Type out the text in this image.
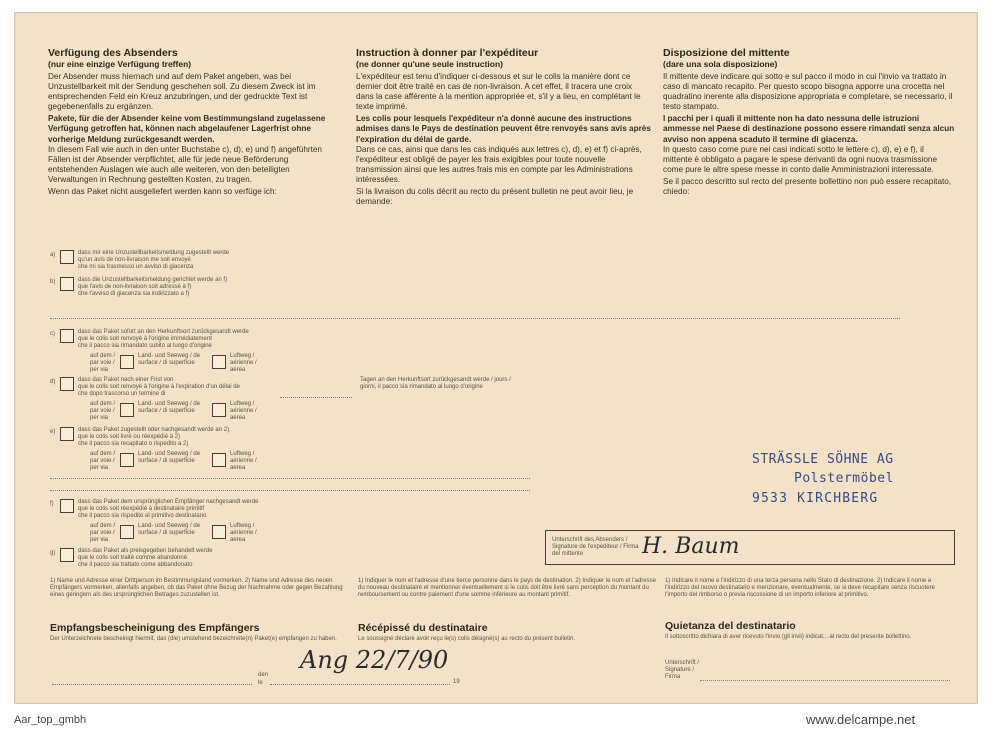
Verfügung des Absenders
(nur eine einzige Verfügung treffen)

Der Absender muss hiernach und auf dem Paket angeben, was bei Unzustellbarkeit mit der Sendung geschehen soll. Zu diesem Zweck ist im entsprechenden Feld ein Kreuz anzubringen, und der gedruckte Text ist gegebenenfalls zu ergänzen.

Pakete, für die der Absender keine vom Bestimmungsland zugelassene Verfügung getroffen hat, können nach abgelaufener Lagerfrist ohne vorherige Meldung zurückgesandt werden.

In diesem Fall wie auch in den unter Buchstabe c), d), e) und f) angeführten Fällen ist der Absender verpflichtet, alle für jede neue Beförderung entstehenden Auslagen wie auch alle weiteren, von den beteiligten Verwaltungen in Rechnung gestellten Kosten, zu tragen.

Wenn das Paket nicht ausgeliefert werden kann so verfüge ich:

Instruction à donner par l'expéditeur
(ne donner qu'une seule instruction)

L'expéditeur est tenu d'indiquer ci-dessous et sur le colis la manière dont ce dernier doit être traité en cas de non-livraison. A cet effet, il tracera une croix dans la case afférente à la mention appropriée et, s'il y a lieu, en complétant le texte imprimé.

Les colis pour lesquels l'expéditeur n'a donné aucune des instructions admises dans le Pays de destination peuvent être renvoyés sans avis après l'expiration du délai de garde.

Dans ce cas, ainsi que dans les cas indiqués aux lettres c), d), e) et f) ci-après, l'expéditeur est obligé de payer les frais exigibles pour toute nouvelle transmission ainsi que les autres frais mis en compte par les Administrations intéressées.

Si la livraison du colis décrit au recto du présent bulletin ne peut avoir lieu, je demande:

Disposizione del mittente
(dare una sola disposizione)

Il mittente deve indicare qui sotto e sul pacco il modo in cui l'invio va trattato in caso di mancato recapito. Per questo scopo bisogna apporre una crocetta nel quadratino inerente alla disposizione appropriata e completare, se necessario, il testo stampato.

I pacchi per i quali il mittente non ha dato nessuna delle istruzioni ammesse nel Paese di destinazione possono essere rimandati senza alcun avviso non appena scaduto il termine di giacenza.

In questo caso come pure nei casi indicati sotto le lettere c), d), e) e f), il mittente è obbligato a pagare le spese derivanti da ogni nuova trasmissione come pure le altre spese messe in conto dalle Amministrazioni interessate.

Se il pacco descritto sul recto del presente bollettino non può essere recapitato, chiedo:

a)	dass mir eine Unzustellbarkeitsmeldung zugestellt werde
qu'un avis de non-livraison me soit envoyé
che mi sia trasmesso un avviso di giacenza
b)	dass die Unzustellbarkeitsmeldung gerichtet werde an f)
que l'avis de non-livraison soit adressé à f)
che l'avviso di giacenza sia indirizzato a f)
c)	dass das Paket sofort an den Herkunftsort zurückgesandt werde
que le colis soit renvoyé à l'origine immédiatement
che il pacco sia rimandato subito al luogo d'origine
auf dem / par voie / per via
Land- und Seeweg / de surface / di superficie
Luftweg / aérienne / aerea
d)	dass das Paket nach einer Frist von
que le colis soit renvoyé à l'origine à l'expiration d'un délai de
che dopo trascorso un termine di
auf dem / par voie / per via
Land- und Seeweg / de surface / di superficie
Luftweg / aérienne / aerea
Tagen an den Herkunftsort zurückgesandt werde / jours / giorni, il pacco sia rimandato al luogo d'origine
e)	dass das Paket zugestellt oder nachgesandt werde an 2)
que le colis soit livré ou réexpédié à 2)
che il pacco sia recapitato o rispedito a 2)
auf dem / par voie / per via
Land- und Seeweg / de surface / di superficie
Luftweg / aérienne / aerea
f)	dass das Paket dem ursprünglichen Empfänger nachgesandt werde
que le colis soit réexpédié à destinataire primitif
che il pacco sia rispedito al primitivo destinatario
auf dem / par voie / per via
Land- und Seeweg / de surface / di superficie
Luftweg / aérienne / aerea
g)	dass das Paket als preisgegeben behandelt werde
que le colis soit traité comme abandonné
che il pacco sia trattato come abbandonato
STRÄSSLE SÖHNE AG
Polstermöbel
9533 KIRCHBERG
Unterschrift des Absenders / Signature de l'expéditeur / Firma del mittente	H. Baum
1) Name und Adresse einer Drittperson im Bestimmungsland vormerken. 2) Name und Adresse des neuen Empfängers vormerken, allenfalls angeben, ob das Paket ohne Bezug der Nachnahme oder gegen Bezahlung eines geringern als des ursprünglichen Betrages zuzustellen ist.
1) Indiquer le nom et l'adresse d'une tierce personne dans le pays de destination. 2) Indiquer le nom et l'adresse du nouveau destinataire et mentionner éventuellement si le colis doit être livré sans perception du montant du remboursement ou contre paiement d'une somme inférieure au montant primitif.
1) Indicare il nome e l'indirizzo di una terza persona nello Stato di destinazione. 2) Indicare il nome e l'indirizzo del nuovo destinatario e menzionare, eventualmente, se si deve recapitare senza riscuotere l'importo del rimborso o previa riscossione di un importo inferiore al primitivo.
Empfangsbescheinigung des Empfängers
Der Unterzeichnete bescheinigt hiermit, das (die) umstehend bezeichnete(n) Paket(e) empfangen zu haben.
Récépissé du destinataire
Le soussigné déclare avoir reçu le(s) colis désigné(s) au recto du présent bulletin.
Quietanza del destinatario
Il sottoscritto dichiara di aver ricevuto l'invio (gli invii) indicat... al recto del presente bollettino.
den
le	19
Ang 22/7/90	Unterschrift / Signature / Firma
Aar_top_gmbh	www.delcampe.net
